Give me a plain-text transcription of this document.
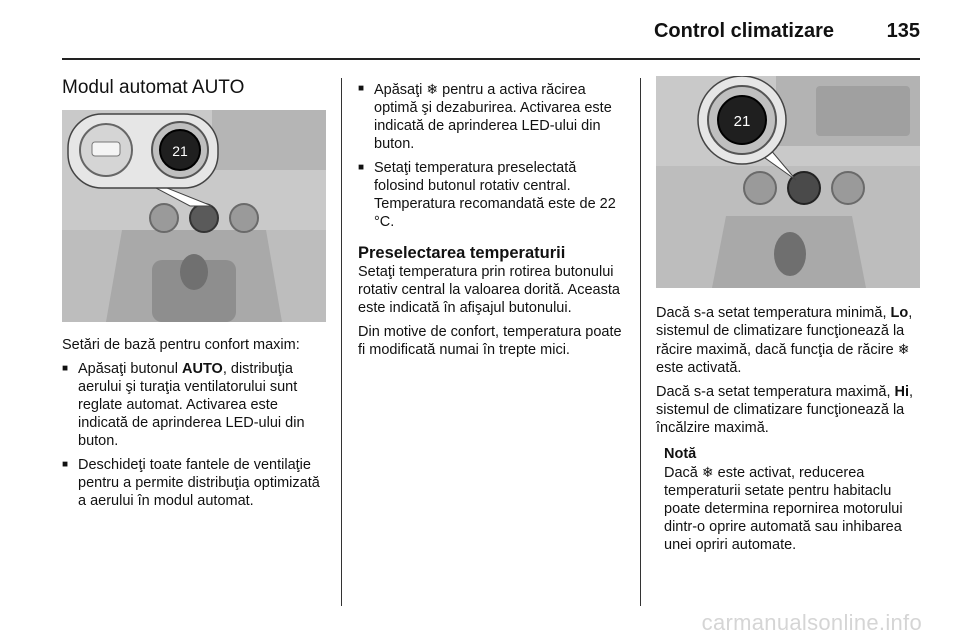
Control climatizare	135
Modul automat AUTO
21

Setări de bază pentru confort maxim:

■ Apăsaţi butonul AUTO, distribuţia aerului şi turaţia ventilatorului sunt reglate automat. Activarea este indicată de aprinderea LED-ului din buton.
■ Deschideţi toate fantele de ventilaţie pentru a permite distribuţia optimizată a aerului în modul automat.
■ Apăsaţi ❄ pentru a activa răcirea optimă şi dezaburirea. Activarea este indicată de aprinderea LED-ului din buton.
■ Setaţi temperatura preselectată folosind butonul rotativ central. Temperatura recomandată este de 22 °C.
Preselectarea temperaturii

Setaţi temperatura prin rotirea butonului rotativ central la valoarea dorită. Aceasta este indicată în afişajul butonului.

Din motive de confort, temperatura poate fi modificată numai în trepte mici.

21

Dacă s-a setat temperatura minimă, Lo, sistemul de climatizare funcţionează la răcire maximă, dacă funcţia de răcire ❄ este activată.

Dacă s-a setat temperatura maximă, Hi, sistemul de climatizare funcţionează la încălzire maximă.

Notă
Dacă ❄ este activat, reducerea temperaturii setate pentru habitaclu poate determina repornirea motorului dintr-o oprire automată sau inhibarea unei opriri automate.
carmanualsonline.info
